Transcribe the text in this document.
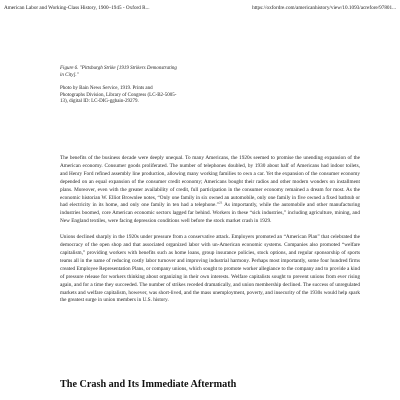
American Labor and Working-Class History, 1900–1945 - Oxford R...	https://oxfordre.com/americanhistory/view/10.1093/acrefore/97801...

Figure 6. "Pittsburgh Strike [1919 Strikers Demonstrating in City]."

Photo by Bain News Service, 1919. Prints and Photographs Division, Library of Congress (LC-B2-5005-13), digital ID: LC-DIG-ggbain-29279.

The benefits of the business decade were deeply unequal. To many Americans, the 1920s seemed to promise the unending expansion of the American economy. Consumer goods proliferated. The number of telephones doubled, by 1930 about half of Americans had indoor toilets, and Henry Ford refined assembly line production, allowing many working families to own a car. Yet the expansion of the consumer economy depended on an equal expansion of the consumer credit economy; Americans bought their radios and other modern wonders on installment plans. Moreover, even with the greater availability of credit, full participation in the consumer economy remained a dream for most. As the economic historian W. Elliot Brownlee notes, “Only one family in six owned an automobile, only one family in five owned a fixed bathtub or had electricity in its home, and only one family in ten had a telephone.”$^{21}$ As importantly, while the automobile and other manufacturing industries boomed, core American economic sectors lagged far behind. Workers in these “sick industries,” including agriculture, mining, and New England textiles, were facing depression conditions well before the stock market crash in 1929.

Unions declined sharply in the 1920s under pressure from a conservative attack. Employers promoted an “American Plan” that celebrated the democracy of the open shop and that associated organized labor with un-American economic systems. Companies also promoted “welfare capitalism,” providing workers with benefits such as home loans, group insurance policies, stock options, and regular sponsorship of sports teams all in the name of reducing costly labor turnover and improving industrial harmony. Perhaps most importantly, some four hundred firms created Employee Representation Plans, or company unions, which sought to promote worker allegiance to the company and to provide a kind of pressure release for workers thinking about organizing in their own interests. Welfare capitalists sought to prevent unions from ever rising again, and for a time they succeeded. The number of strikes receded dramatically, and union membership declined. The success of unregulated markets and welfare capitalism, however, was short-lived, and the mass unemployment, poverty, and insecurity of the 1930s would help spark the greatest surge in union members in U.S. history.

The Crash and Its Immediate Aftermath
